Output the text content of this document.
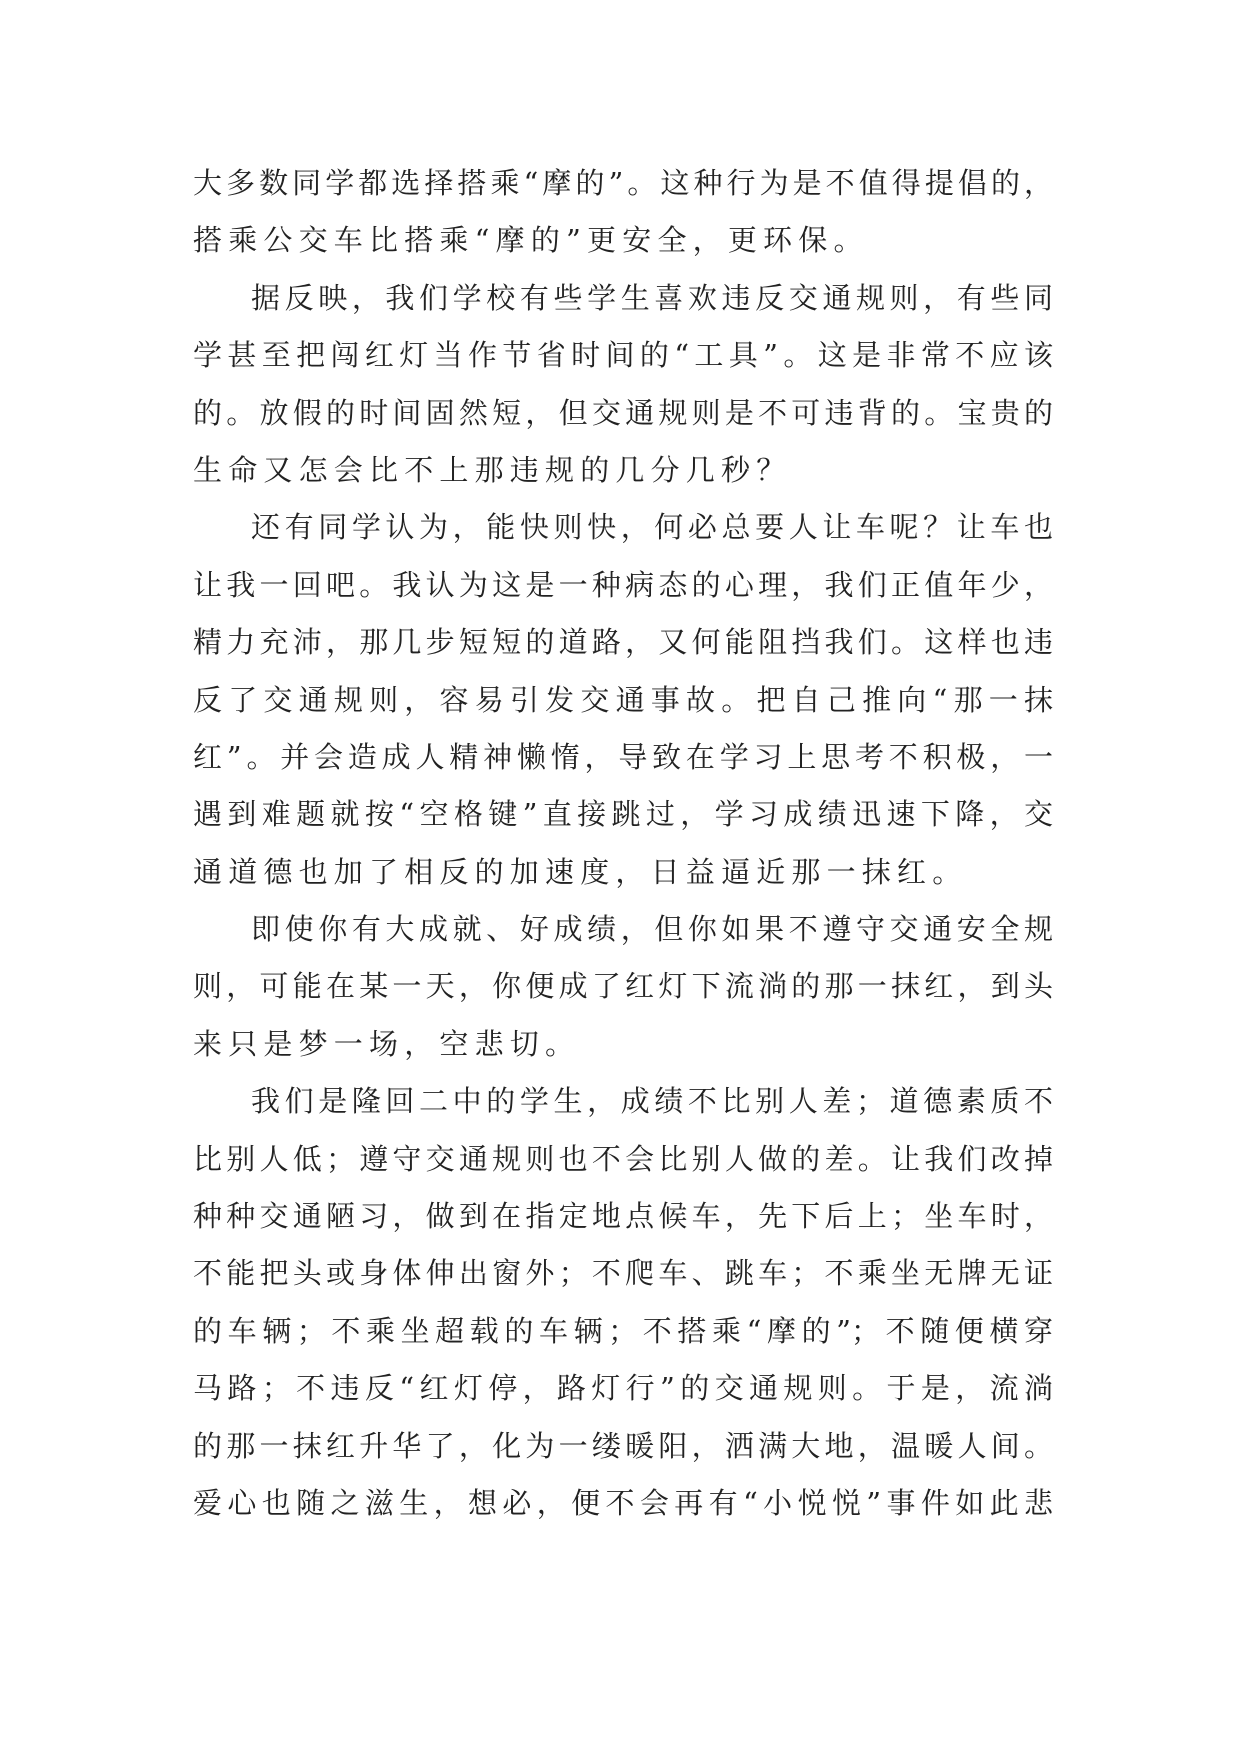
大多数同学都选择搭乘“摩的”。这种行为是不值得提倡的，
搭乘公交车比搭乘“摩的”更安全，更环保。
据反映，我们学校有些学生喜欢违反交通规则，有些同
学甚至把闯红灯当作节省时间的“工具”。这是非常不应该
的。放假的时间固然短，但交通规则是不可违背的。宝贵的
生命又怎会比不上那违规的几分几秒？
还有同学认为，能快则快，何必总要人让车呢？让车也
让我一回吧。我认为这是一种病态的心理，我们正值年少，
精力充沛，那几步短短的道路，又何能阻挡我们。这样也违
反了交通规则，容易引发交通事故。把自己推向“那一抹
红”。并会造成人精神懒惰，导致在学习上思考不积极，一
遇到难题就按“空格键”直接跳过，学习成绩迅速下降，交
通道德也加了相反的加速度，日益逼近那一抹红。
即使你有大成就、好成绩，但你如果不遵守交通安全规
则，可能在某一天，你便成了红灯下流淌的那一抹红，到头
来只是梦一场，空悲切。
我们是隆回二中的学生，成绩不比别人差；道德素质不
比别人低；遵守交通规则也不会比别人做的差。让我们改掉
种种交通陋习，做到在指定地点候车，先下后上；坐车时，
不能把头或身体伸出窗外；不爬车、跳车；不乘坐无牌无证
的车辆；不乘坐超载的车辆；不搭乘“摩的”；不随便横穿
马路；不违反“红灯停，路灯行”的交通规则。于是，流淌
的那一抹红升华了，化为一缕暖阳，洒满大地，温暖人间。
爱心也随之滋生，想必，便不会再有“小悦悦”事件如此悲
